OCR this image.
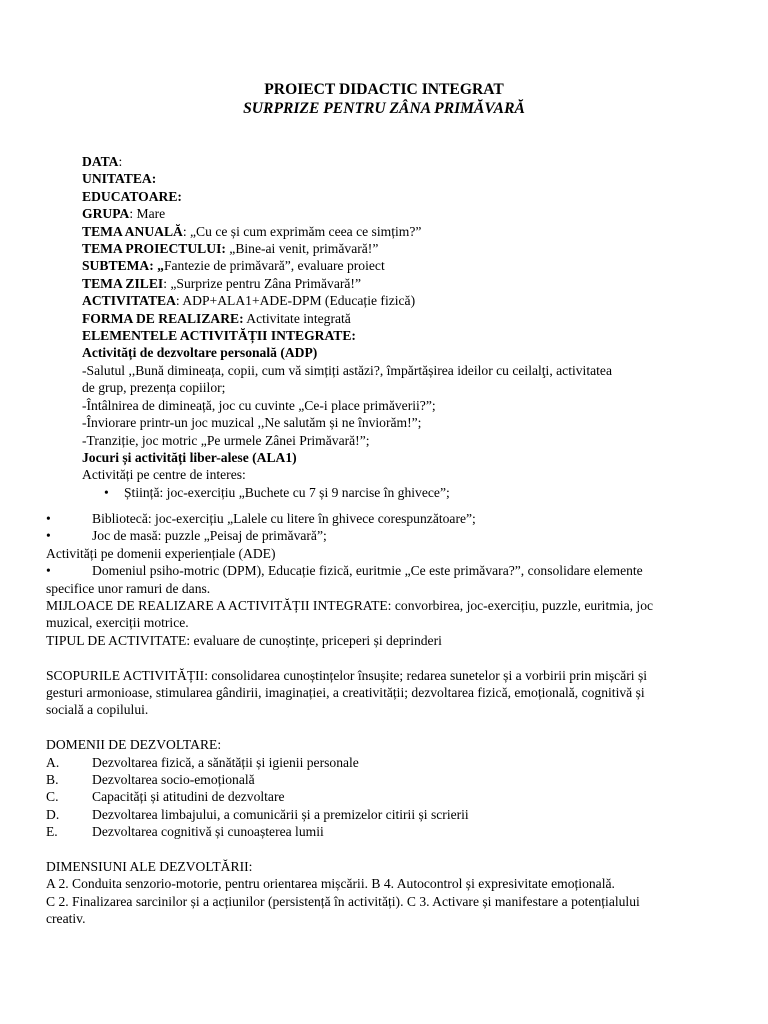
PROIECT DIDACTIC INTEGRAT
SURPRIZE PENTRU ZÂNA PRIMĂVARĂ
DATA:
UNITATEA:
EDUCATOARE:
GRUPA: Mare
TEMA ANUALĂ: „Cu ce și cum exprimăm ceea ce simțim?”
TEMA PROIECTULUI: „Bine-ai venit, primăvară!”
SUBTEMA: „Fantezie de primăvară”, evaluare proiect
TEMA ZILEI: „Surprize pentru Zâna Primăvară!”
ACTIVITATEA: ADP+ALA1+ADE-DPM (Educație fizică)
FORMA DE REALIZARE: Activitate integrată
ELEMENTELE ACTIVITĂȚII INTEGRATE:
Activități de dezvoltare personală (ADP)
-Salutul ,,Bună dimineața, copii, cum vă simțiți astăzi?, împărtășirea ideilor cu ceilalţi, activitatea
de grup, prezența copiilor;
-Întâlnirea de dimineață, joc cu cuvinte „Ce-i place primăverii?”;
-Înviorare printr-un joc muzical ,,Ne salutăm și ne înviorăm!”;
-Tranziție, joc motric „Pe urmele Zânei Primăvară!”;
Jocuri și activități liber-alese (ALA1)
Activități pe centre de interes:
• Știință: joc-exercițiu „Buchete cu 7 și 9 narcise în ghivece”;
•	Bibliotecă: joc-exercițiu „Lalele cu litere în ghivece corespunzătoare”;
•	Joc de masă: puzzle „Peisaj de primăvară”;
Activități pe domenii experiențiale (ADE)
•	Domeniul psiho-motric (DPM), Educație fizică, euritmie „Ce este primăvara?”, consolidare elemente
specifice unor ramuri de dans.
MIJLOACE DE REALIZARE A ACTIVITĂȚII INTEGRATE: convorbirea, joc-exercițiu, puzzle, euritmia, joc
muzical, exerciții motrice.
TIPUL DE ACTIVITATE: evaluare de cunoștințe, priceperi și deprinderi
SCOPURILE ACTIVITĂȚII: consolidarea cunoștințelor însușite; redarea sunetelor și a vorbirii prin mișcări și
gesturi armonioase, stimularea gândirii, imaginației, a creativității; dezvoltarea fizică, emoțională, cognitivă și
socială a copilului.
DOMENII DE DEZVOLTARE:
A. Dezvoltarea fizică, a sănătății și igienii personale
B. Dezvoltarea socio-emoțională
C. Capacități și atitudini de dezvoltare
D. Dezvoltarea limbajului, a comunicării și a premizelor citirii și scrierii
E.	Dezvoltarea cognitivă și cunoașterea lumii
DIMENSIUNI ALE DEZVOLTĂRII:
A 2. Conduita senzorio-motorie, pentru orientarea mișcării. B 4. Autocontrol și expresivitate emoțională.
C 2. Finalizarea sarcinilor și a acțiunilor (persistență în activități). C 3. Activare și manifestare a potențialului
creativ.
